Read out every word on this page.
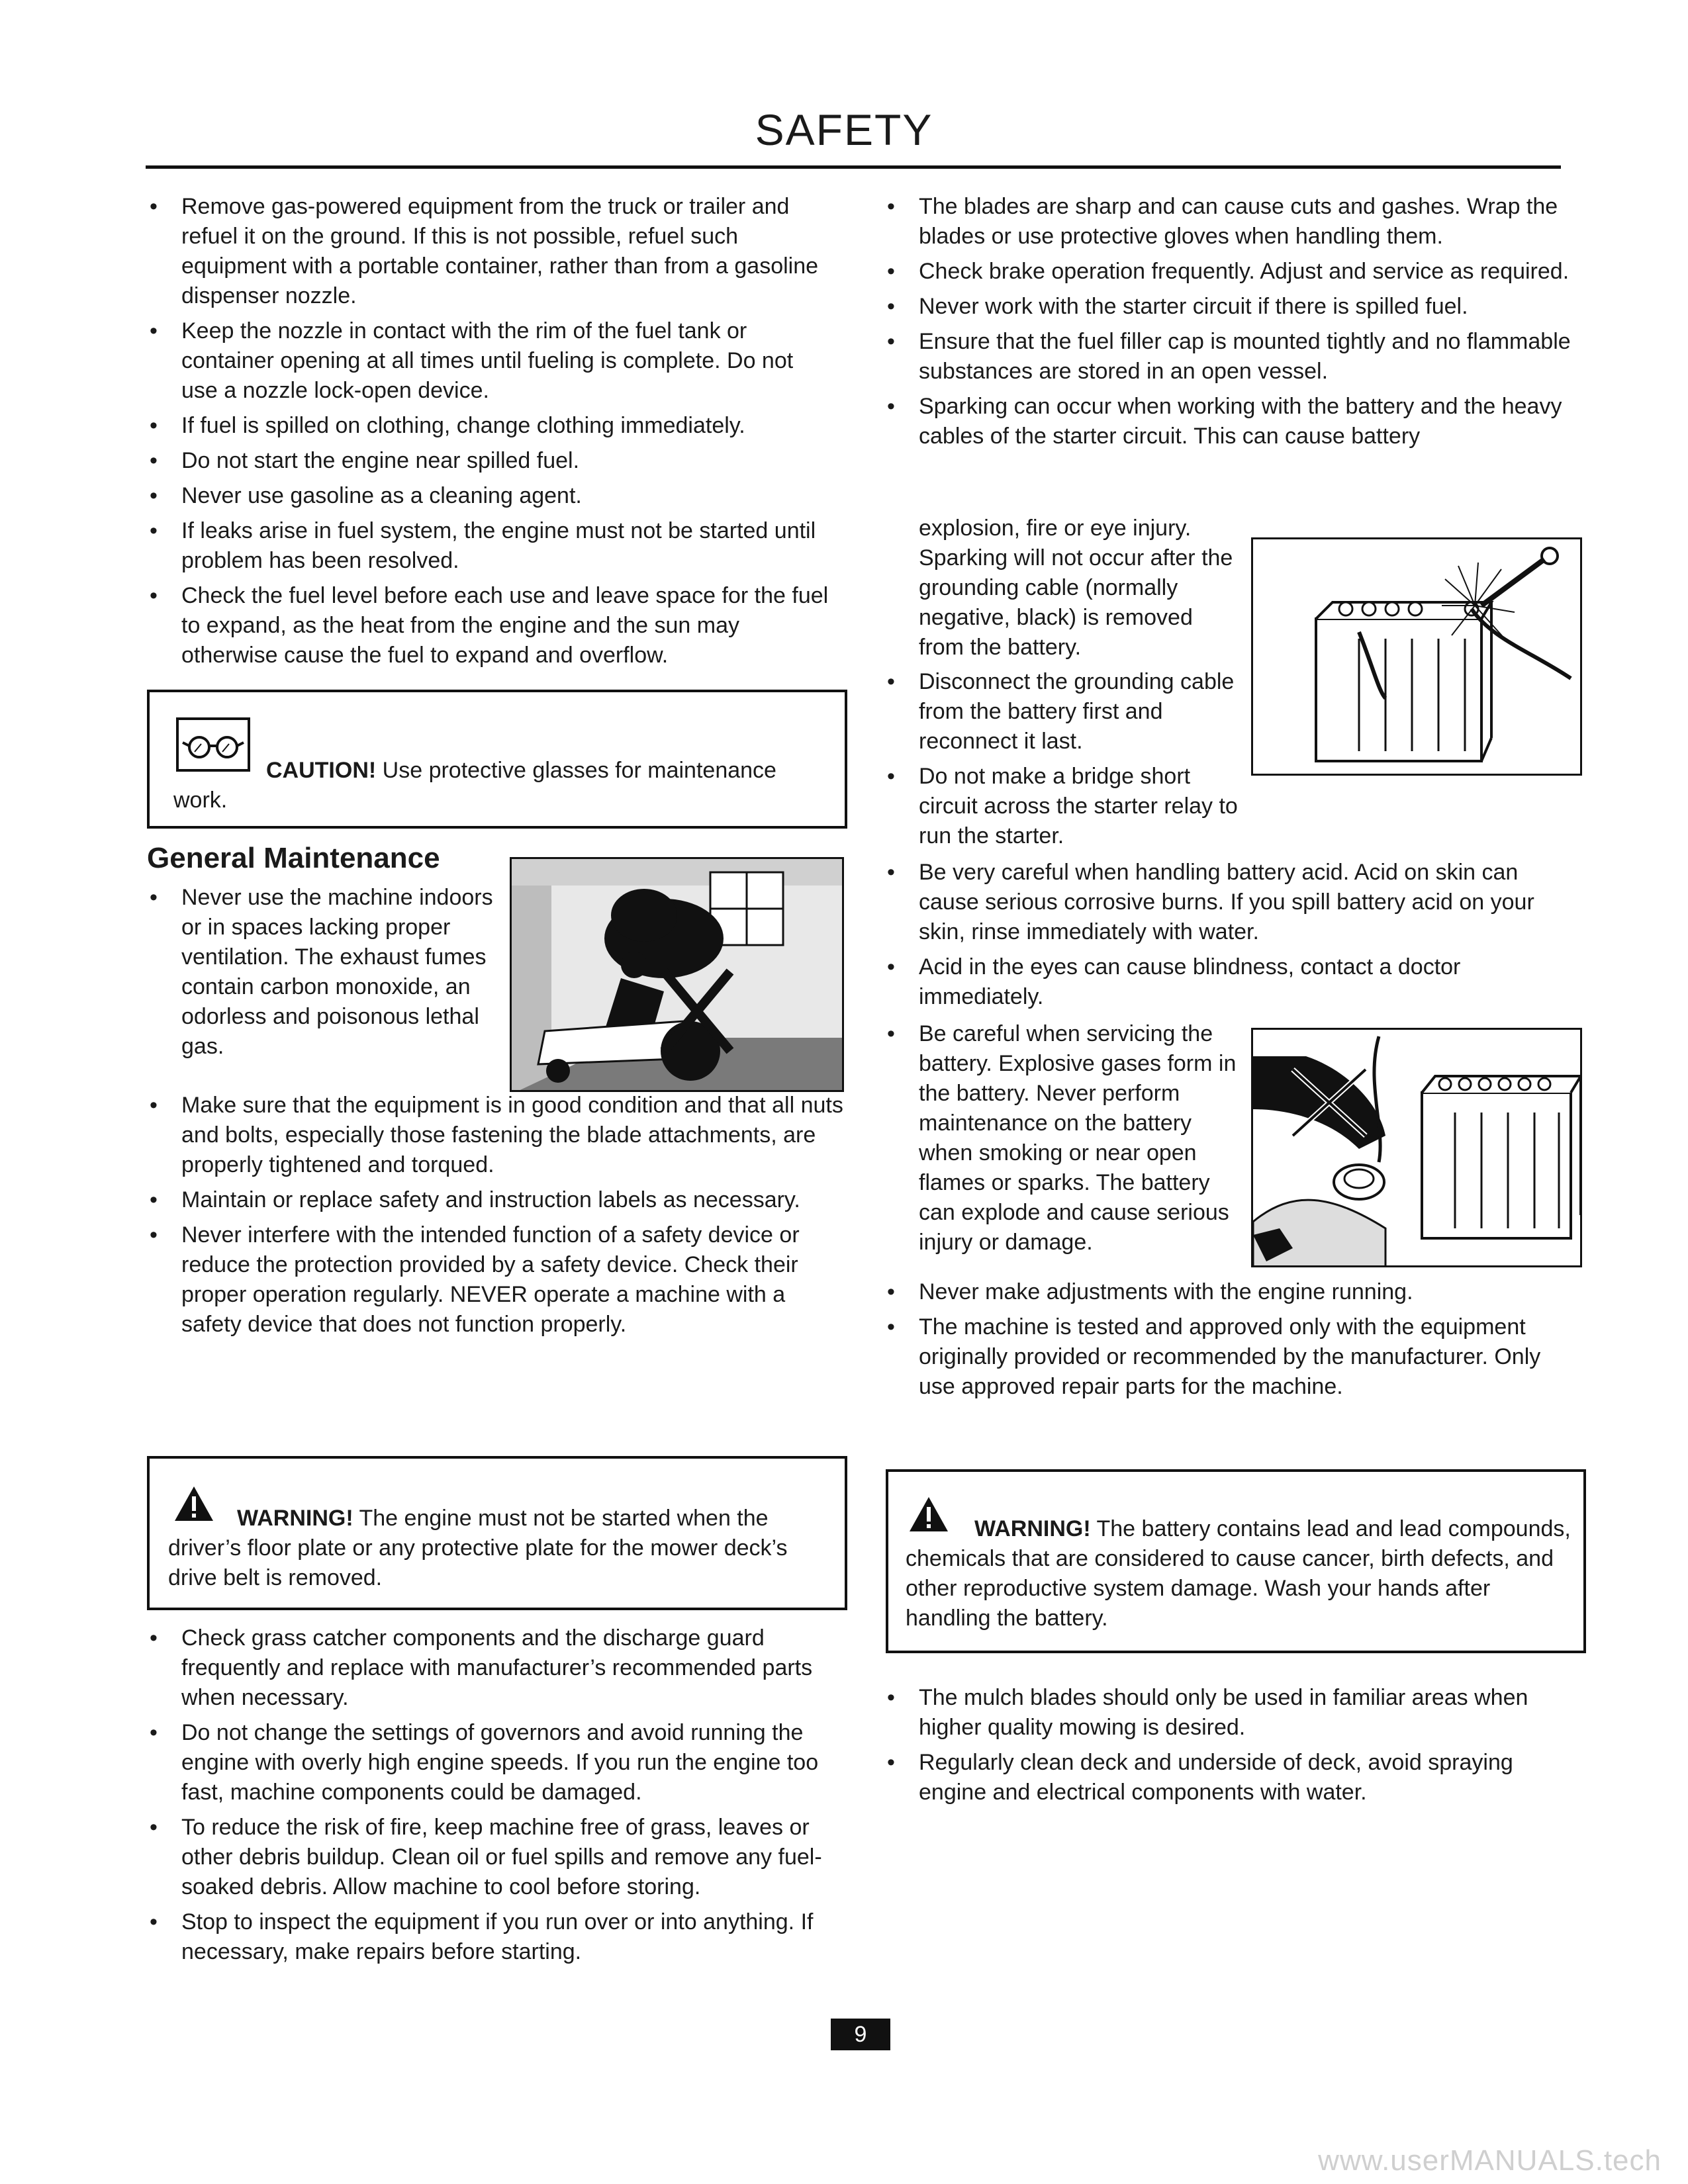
SAFETY
• Remove gas-powered equipment from the truck or trailer and refuel it on the ground. If this is not possible, refuel such equipment with a portable container, rather than from a gasoline dispenser nozzle.
• Keep the nozzle in contact with the rim of the fuel tank or container opening at all times until fueling is complete. Do not use a nozzle lock-open device.
• If fuel is spilled on clothing, change clothing immediately.
• Do not start the engine near spilled fuel.
• Never use gasoline as a cleaning agent.
• If leaks arise in fuel system, the engine must not be started until problem has been resolved.
• Check the fuel level before each use and leave space for the fuel to expand, as the heat from the engine and the sun may otherwise cause the fuel to expand and overflow.
CAUTION! Use protective glasses for maintenance work.
General Maintenance
• Never use the machine indoors or in spaces lacking proper ventilation. The exhaust fumes contain carbon monoxide, an odorless and poisonous lethal gas.
• Make sure that the equipment is in good condition and that all nuts and bolts, especially those fastening the blade attachments, are properly tightened and torqued.
• Maintain or replace safety and instruction labels as necessary.
• Never interfere with the intended function of a safety device or reduce the protection provided by a safety device. Check their proper operation regularly. NEVER operate a machine with a safety device that does not function properly.
WARNING! The engine must not be started when the driver’s floor plate or any protective plate for the mower deck’s drive belt is removed.
• Check grass catcher components and the discharge guard frequently and replace with manufacturer’s recommended parts when necessary.
• Do not change the settings of governors and avoid running the engine with overly high engine speeds. If you run the engine too fast, machine components could be damaged.
• To reduce the risk of fire, keep machine free of grass, leaves or other debris buildup. Clean oil or fuel spills and remove any fuel-soaked debris. Allow machine to cool before storing.
• Stop to inspect the equipment if you run over or into anything. If necessary, make repairs before starting.
• The blades are sharp and can cause cuts and gashes. Wrap the blades or use protective gloves when handling them.
• Check brake operation frequently. Adjust and service as required.
• Never work with the starter circuit if there is spilled fuel.
• Ensure that the fuel filler cap is mounted tightly and no flammable substances are stored in an open vessel.
• Sparking can occur when working with the battery and the heavy cables of the starter circuit. This can cause battery
explosion, fire or eye injury. Sparking will not occur after the grounding cable (normally negative, black) is removed from the battery.
• Disconnect the grounding cable from the battery first and reconnect it last.
• Do not make a bridge short circuit across the starter relay to run the starter.
• Be very careful when handling battery acid. Acid on skin can cause serious corrosive burns. If you spill battery acid on your skin, rinse immediately with water.
• Acid in the eyes can cause blindness, contact a doctor immediately.
• Be careful when servicing the battery. Explosive gases form in the battery. Never perform maintenance on the battery when smoking or near open flames or sparks. The battery can explode and cause serious injury or damage.
• Never make adjustments with the engine running.
• The machine is tested and approved only with the equipment originally provided or recommended by the manufacturer. Only use approved repair parts for the machine.
WARNING! The battery contains lead and lead compounds, chemicals that are considered to cause cancer, birth defects, and other reproductive system damage. Wash your hands after handling the battery.
• The mulch blades should only be used in familiar areas when higher quality mowing is desired.
• Regularly clean deck and underside of deck, avoid spraying engine and electrical components with water.
9
www.userMANUALS.tech
